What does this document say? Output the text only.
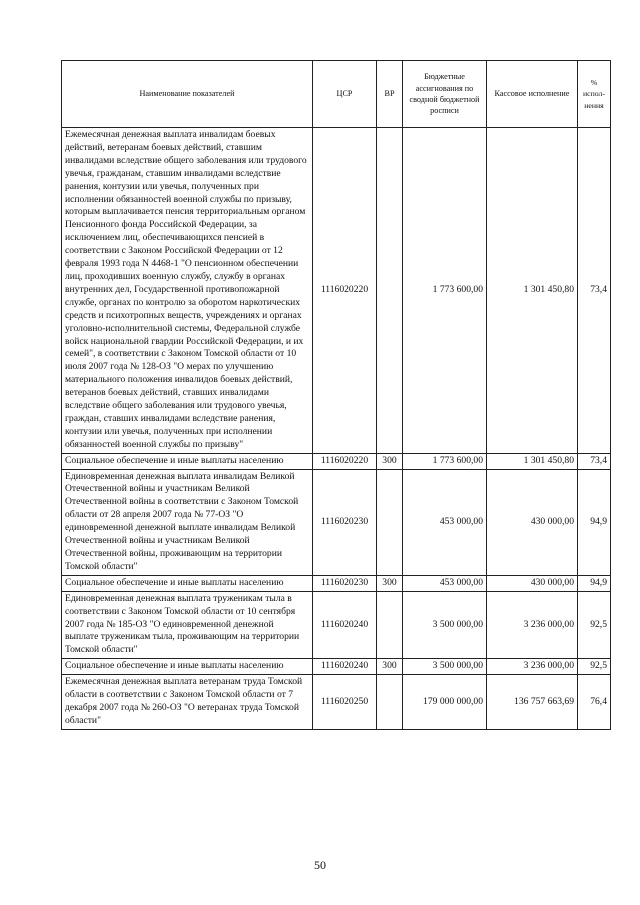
Наименование показателей	ЦСР	ВР	Бюджетные ассигнования по сводной бюджетной росписи	Кассовое исполнение	% испол-нения
Ежемесячная денежная выплата инвалидам боевых действий, ветеранам боевых действий, ставшим инвалидами вследствие общего заболевания или трудового увечья, гражданам, ставшим инвалидами вследствие ранения, контузии или увечья, полученных при исполнении обязанностей военной службы по призыву, которым выплачивается пенсия территориальным органом Пенсионного фонда Российской Федерации, за исключением лиц, обеспечивающихся пенсией в соответствии с Законом Российской Федерации от 12 февраля 1993 года N 4468-1 "О пенсионном обеспечении лиц, проходивших военную службу, службу в органах внутренних дел, Государственной противопожарной службе, органах по контролю за оборотом наркотических средств и психотропных веществ, учреждениях и органах уголовно-исполнительной системы, Федеральной службе войск национальной гвардии Российской Федерации, и их семей", в соответствии с Законом Томской области от 10 июля 2007 года № 128-ОЗ "О мерах по улучшению материального положения инвалидов боевых действий, ветеранов боевых действий, ставших инвалидами вследствие общего заболевания или трудового увечья, граждан, ставших инвалидами вследствие ранения, контузии или увечья, полученных при исполнении обязанностей военной службы по призыву"	1116020220		1 773 600,00	1 301 450,80	73,4
Социальное обеспечение и иные выплаты населению	1116020220	300	1 773 600,00	1 301 450,80	73,4
Единовременная денежная выплата инвалидам Великой Отечественной войны и участникам Великой Отечественной войны в соответствии с Законом Томской области от 28 апреля 2007 года № 77-ОЗ "О единовременной денежной выплате инвалидам Великой Отечественной войны и участникам Великой Отечественной войны, проживающим на территории Томской области"	1116020230		453 000,00	430 000,00	94,9
Социальное обеспечение и иные выплаты населению	1116020230	300	453 000,00	430 000,00	94,9
Единовременная денежная выплата труженикам тыла в соответствии с Законом Томской области от 10 сентября 2007 года № 185-ОЗ "О единовременной денежной выплате труженикам тыла, проживающим на территории Томской области"	1116020240		3 500 000,00	3 236 000,00	92,5
Социальное обеспечение и иные выплаты населению	1116020240	300	3 500 000,00	3 236 000,00	92,5
Ежемесячная денежная выплата ветеранам труда Томской области в соответствии с Законом Томской области от 7 декабря 2007 года № 260-ОЗ "О ветеранах труда Томской области"	1116020250		179 000 000,00	136 757 663,69	76,4
50
